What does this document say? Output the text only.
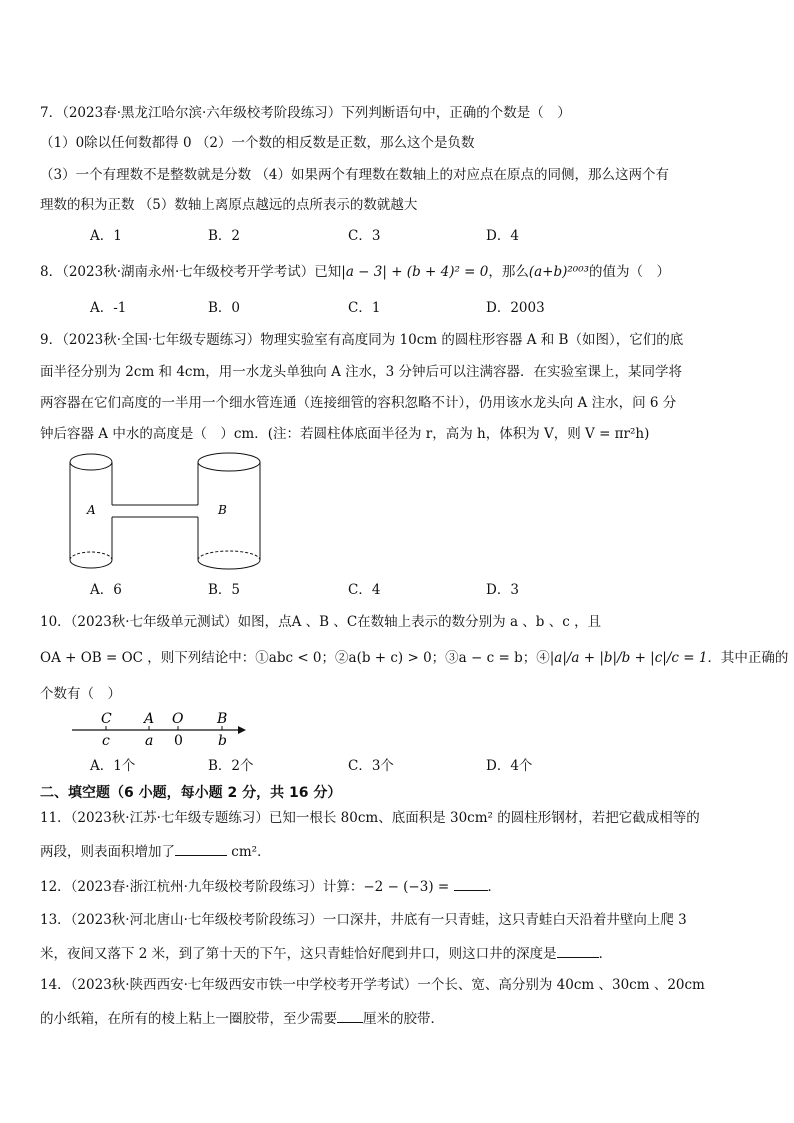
7．（2023春·黑龙江哈尔滨·六年级校考阶段练习）下列判断语句中，正确的个数是（　）
（1）0除以任何数都得 0 （2）一个数的相反数是正数，那么这个是负数
（3）一个有理数不是整数就是分数 （4）如果两个有理数在数轴上的对应点在原点的同侧，那么这两个有
理数的积为正数 （5）数轴上离原点越远的点所表示的数就越大
A．1	B．2	C．3	D．4
8．（2023秋·湖南永州·七年级校考开学考试）已知|a − 3| + (b + 4)² = 0，那么(a+b)²⁰⁰³的值为（　）
A．-1	B．0	C．1	D．2003
9．（2023秋·全国·七年级专题练习）物理实验室有高度同为 10cm 的圆柱形容器 A 和 B（如图），它们的底
面半径分别为 2cm 和 4cm，用一水龙头单独向 A 注水，3 分钟后可以注满容器．在实验室课上，某同学将
两容器在它们高度的一半用一个细水管连通（连接细管的容积忽略不计），仍用该水龙头向 A 注水，问 6 分
钟后容器 A 中水的高度是（　）cm．(注：若圆柱体底面半径为 r，高为 h，体积为 V，则 V = πr²h)
A	B
A．6	B．5	C．4	D．3
10．（2023秋·七年级单元测试）如图，点A 、B 、C在数轴上表示的数分别为 a 、b 、c ，且
OA + OB = OC ，则下列结论中：①abc < 0；②a(b + c) > 0；③a − c = b；④|a|/a + |b|/b + |c|/c = 1．其中正确的
个数有（　）
C A O B
c	a 0	b
A．1个	B．2个	C．3个	D．4个
二、填空题（6 小题，每小题 2 分，共 16 分）
11．（2023秋·江苏·七年级专题练习）已知一根长 80cm、底面积是 30cm² 的圆柱形钢材，若把它截成相等的
两段，则表面积增加了	cm²．
12．（2023春·浙江杭州·九年级校考阶段练习）计算：−2 − (−3) =	．
13．（2023秋·河北唐山·七年级校考阶段练习）一口深井，井底有一只青蛙，这只青蛙白天沿着井壁向上爬 3
米，夜间又落下 2 米，到了第十天的下午，这只青蛙恰好爬到井口，则这口井的深度是	．
14．（2023秋·陕西西安·七年级西安市铁一中学校考开学考试）一个长、宽、高分别为 40cm 、30cm 、20cm
的小纸箱，在所有的棱上粘上一圈胶带，至少需要 厘米的胶带．
